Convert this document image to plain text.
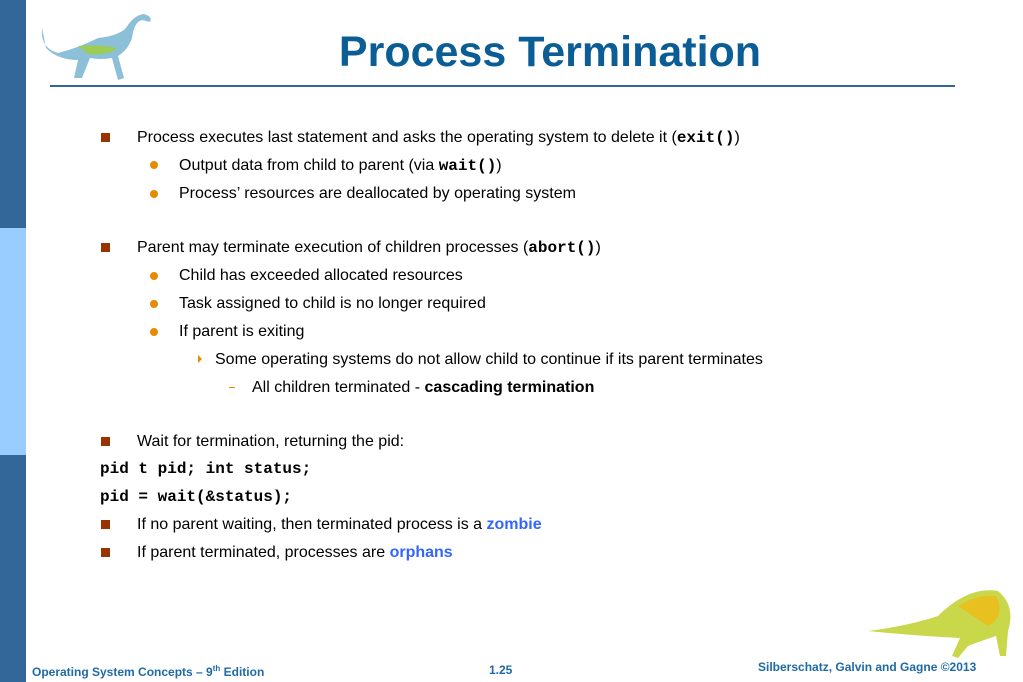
Process Termination
Process executes last statement and asks the operating system to delete it (exit())
Output data from child to parent (via wait())
Process’ resources are deallocated by operating system
Parent may terminate execution of children processes (abort())
Child has exceeded allocated resources
Task assigned to child is no longer required
If parent is exiting
Some operating systems do not allow child to continue if its parent terminates
All children terminated - cascading termination
Wait for termination, returning the pid:
pid t pid; int status;
pid = wait(&status);
If no parent waiting, then terminated process is a zombie
If parent terminated, processes are orphans
Operating System Concepts – 9th Edition	1.25	Silberschatz, Galvin and Gagne ©2013
